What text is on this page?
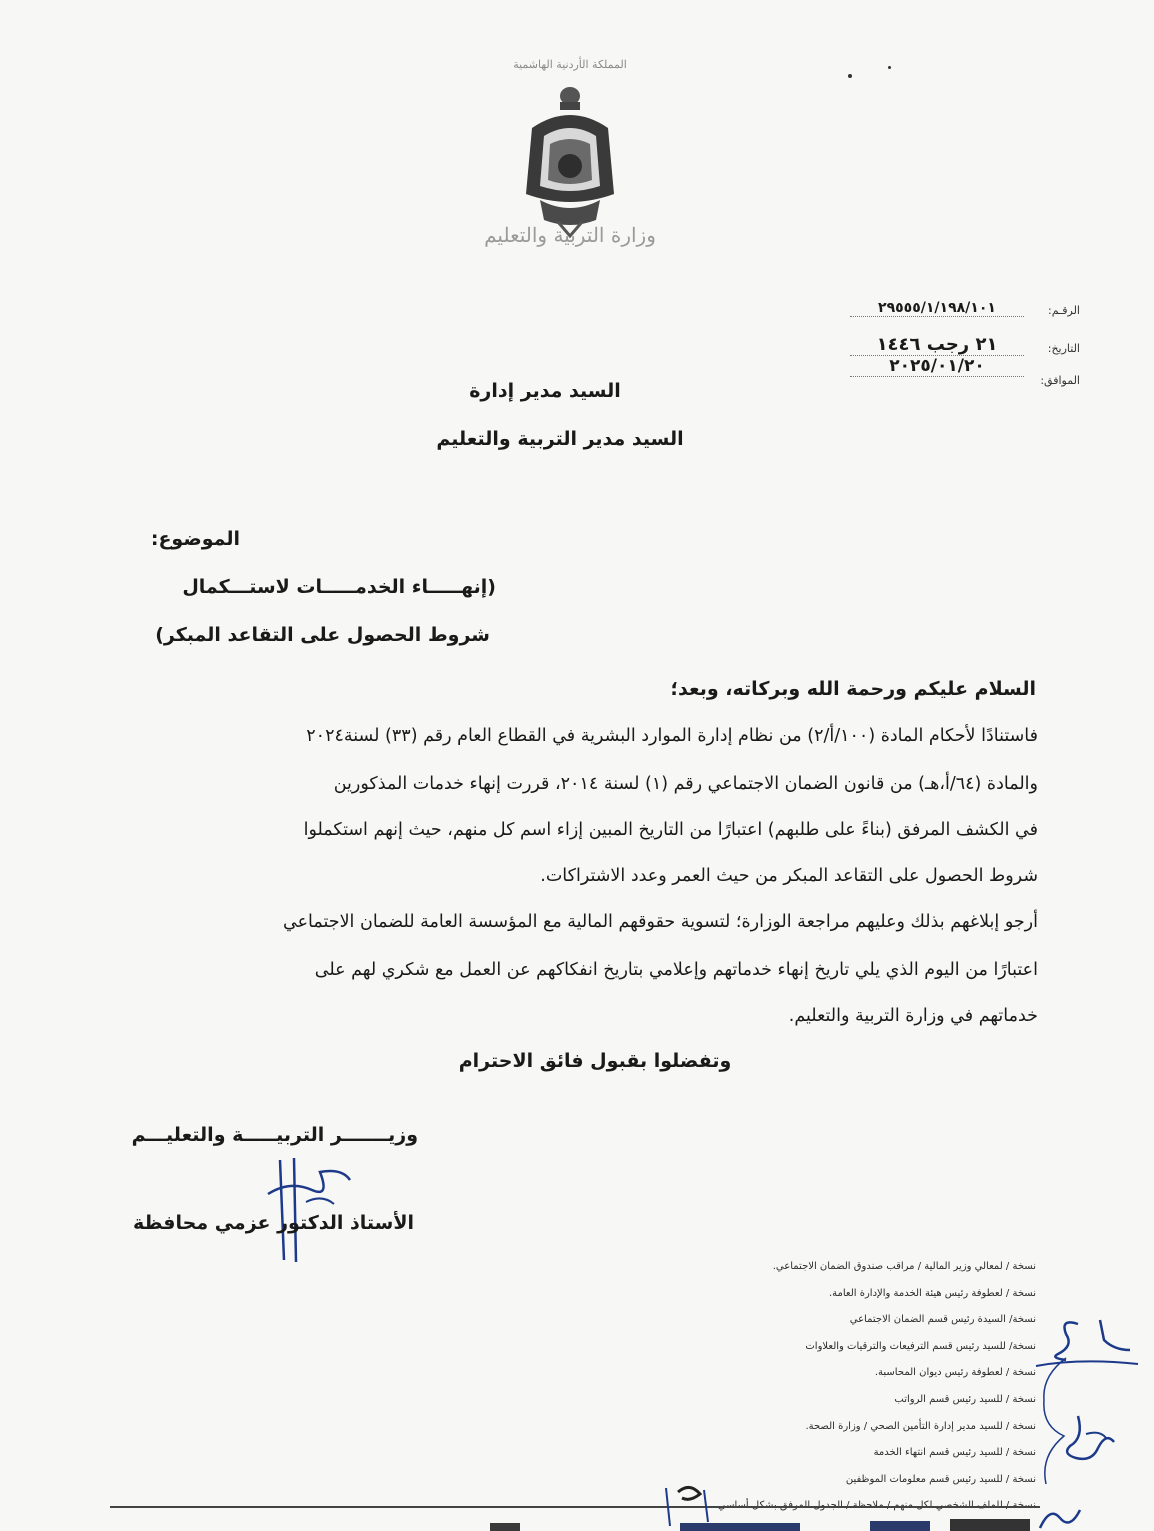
المملكة الأردنية الهاشمية
وزارة التربية والتعليم
الرقـم:
٢٩٥٥٥/١/١٩٨/١٠١
التاريخ:
٢١ رجب ١٤٤٦
الموافق:
٢٠٢٥/٠١/٢٠
السيد مدير إدارة
السيد مدير التربية والتعليم
الموضوع:
(إنهـــــاء الخدمـــــات لاستـــكمال
شروط الحصول على التقاعد المبكر)
السلام عليكم ورحمة الله وبركاته، وبعد؛
فاستنادًا لأحكام المادة (١٠٠/أ/٢) من نظام إدارة الموارد البشرية في القطاع العام رقم (٣٣) لسنة٢٠٢٤
والمادة (٦٤/أ،هـ) من قانون الضمان الاجتماعي رقم (١) لسنة ٢٠١٤، قررت إنهاء خدمات المذكورين
في الكشف المرفق (بناءً على طلبهم) اعتبارًا من التاريخ المبين إزاء اسم كل منهم، حيث إنهم استكملوا
شروط الحصول على التقاعد المبكر من حيث العمر وعدد الاشتراكات.
أرجو إبلاغهم بذلك وعليهم مراجعة الوزارة؛ لتسوية حقوقهم المالية مع المؤسسة العامة للضمان الاجتماعي
اعتبارًا من اليوم الذي يلي تاريخ إنهاء خدماتهم وإعلامي بتاريخ انفكاكهم عن العمل مع شكري لهم على
خدماتهم في وزارة التربية والتعليم.
وتفضلوا بقبول فائق الاحترام
وزيـــــــر التربيـــــة والتعليـــم
الأستاذ الدكتور عزمي محافظة
نسخة / لمعالي وزير المالية / مراقب صندوق الضمان الاجتماعي.
نسخة / لعطوفة رئيس هيئة الخدمة والإدارة العامة.
نسخة/ السيدة رئيس قسم الضمان الاجتماعي
نسخة/ للسيد رئيس قسم الترفيعات والترقيات والعلاوات
نسخة / لعطوفة رئيس ديوان المحاسبة.
نسخة / للسيد رئيس قسم الرواتب
نسخة / للسيد مدير إدارة التأمين الصحي / وزارة الصحة.
نسخة / للسيد رئيس قسم انتهاء الخدمة
نسخة / للسيد رئيس قسم معلومات الموظفين
نسخة / للملف الشخصي لكل منهم / ملاحظة / الجدول المرفق بشكل أساسي.
